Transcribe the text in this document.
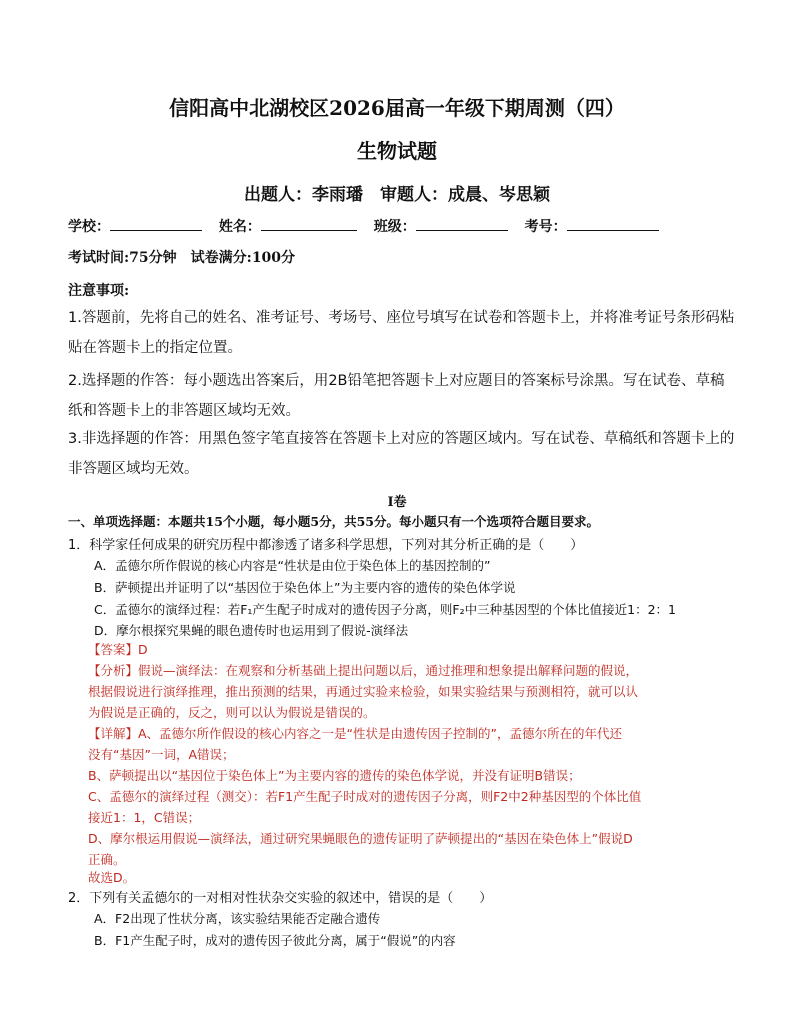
信阳高中北湖校区2026届高一年级下期周测（四）
生物试题
出题人：李雨璠　审题人：成晨、岑思颖
学校：	姓名：	班级：	考号：
考试时间:75分钟　试卷满分:100分
注意事项:
1.答题前，先将自己的姓名、准考证号、考场号、座位号填写在试卷和答题卡上，并将准考证号条形码粘贴在答题卡上的指定位置。
2.选择题的作答：每小题选出答案后，用2B铅笔把答题卡上对应题目的答案标号涂黑。写在试卷、草稿纸和答题卡上的非答题区域均无效。
3.非选择题的作答：用黑色签字笔直接答在答题卡上对应的答题区域内。写在试卷、草稿纸和答题卡上的非答题区域均无效。
I卷
一、单项选择题：本题共15个小题，每小题5分，共55分。每小题只有一个选项符合题目要求。
1．科学家任何成果的研究历程中都渗透了诸多科学思想，下列对其分析正确的是（　　）
A．孟德尔所作假说的核心内容是“性状是由位于染色体上的基因控制的”
B．萨顿提出并证明了以“基因位于染色体上”为主要内容的遗传的染色体学说
C．孟德尔的演绎过程：若F₁产生配子时成对的遗传因子分离，则F₂中三种基因型的个体比值接近1：2：1
D．摩尔根探究果蝇的眼色遗传时也运用到了假说-演绎法
【答案】D
【分析】假说—演绎法：在观察和分析基础上提出问题以后，通过推理和想象提出解释问题的假说，
根据假说进行演绎推理，推出预测的结果，再通过实验来检验，如果实验结果与预测相符，就可以认
为假说是正确的，反之，则可以认为假说是错误的。
【详解】A、孟德尔所作假设的核心内容之一是“性状是由遗传因子控制的”，孟德尔所在的年代还
没有“基因”一词，A错误；
B、萨顿提出以“基因位于染色体上”为主要内容的遗传的染色体学说，并没有证明B错误；
C、孟德尔的演绎过程（测交）：若F1产生配子时成对的遗传因子分离，则F2中2种基因型的个体比值
接近1：1，C错误；
D、摩尔根运用假说—演绎法，通过研究果蝇眼色的遗传证明了萨顿提出的“基因在染色体上”假说D
正确。
故选D。
2．下列有关孟德尔的一对相对性状杂交实验的叙述中，错误的是（　　）
A．F2出现了性状分离，该实验结果能否定融合遗传
B．F1产生配子时，成对的遗传因子彼此分离，属于“假说”的内容
